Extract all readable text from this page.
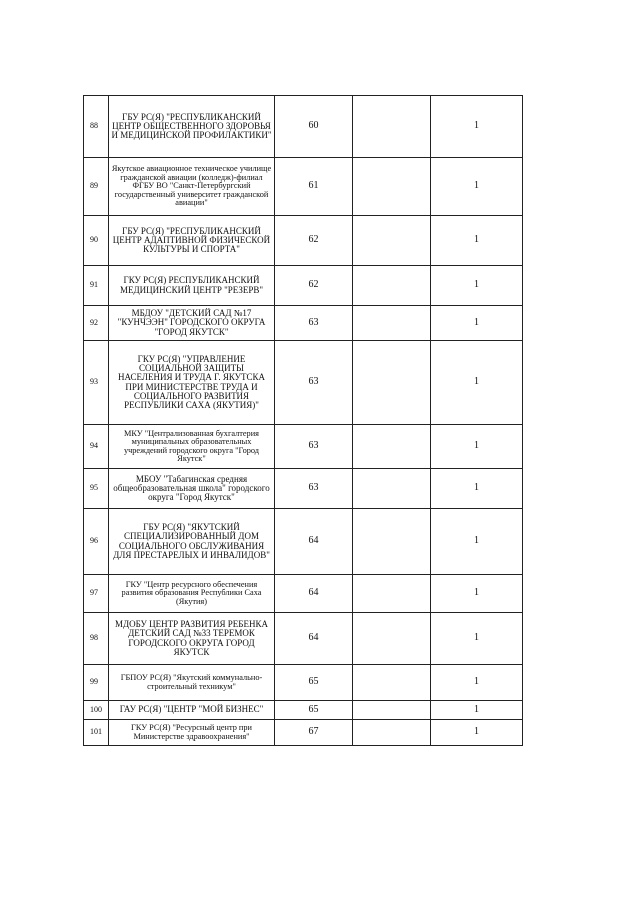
88	ГБУ РС(Я) "РЕСПУБЛИКАНСКИЙ ЦЕНТР ОБЩЕСТВЕННОГО ЗДОРОВЬЯ И МЕДИЦИНСКОЙ ПРОФИЛАКТИКИ"	60		1
89	Якутское авиационное техническое училище гражданской авиации (колледж)-филиал ФГБУ ВО "Санкт-Петербургский государственный университет гражданской авиации"	61		1
90	ГБУ РС(Я) "РЕСПУБЛИКАНСКИЙ ЦЕНТР АДАПТИВНОЙ ФИЗИЧЕСКОЙ КУЛЬТУРЫ И СПОРТА"	62		1
91	ГКУ РС(Я) РЕСПУБЛИКАНСКИЙ МЕДИЦИНСКИЙ ЦЕНТР "РЕЗЕРВ"	62		1
92	МБДОУ "ДЕТСКИЙ САД №17 "КУНЧЭЭН" ГОРОДСКОГО ОКРУГА "ГОРОД ЯКУТСК"	63		1
93	ГКУ РС(Я) "УПРАВЛЕНИЕ СОЦИАЛЬНОЙ ЗАЩИТЫ НАСЕЛЕНИЯ И ТРУДА Г. ЯКУТСКА ПРИ МИНИСТЕРСТВЕ ТРУДА И СОЦИАЛЬНОГО РАЗВИТИЯ РЕСПУБЛИКИ САХА (ЯКУТИЯ)"	63		1
94	МКУ "Централизованная бухгалтерия муниципальных образовательных учреждений городского округа "Город Якутск"	63		1
95	МБОУ "Табагинская средняя общеобразовательная школа" городского округа "Город Якутск"	63		1
96	ГБУ РС(Я) "ЯКУТСКИЙ СПЕЦИАЛИЗИРОВАННЫЙ ДОМ СОЦИАЛЬНОГО ОБСЛУЖИВАНИЯ ДЛЯ ПРЕСТАРЕЛЫХ И ИНВАЛИДОВ"	64		1
97	ГКУ "Центр ресурсного обеспечения развития образования Республики Саха (Якутия)	64		1
98	МДОБУ ЦЕНТР РАЗВИТИЯ РЕБЕНКА ДЕТСКИЙ САД №33 ТЕРЕМОК ГОРОДСКОГО ОКРУГА ГОРОД ЯКУТСК	64		1
99	ГБПОУ РС(Я) "Якутский коммунально-строительный техникум"	65		1
100	ГАУ РС(Я) "ЦЕНТР "МОЙ БИЗНЕС"	65		1
101	ГКУ РС(Я) "Ресурсный центр при Министерстве здравоохранения"	67		1
